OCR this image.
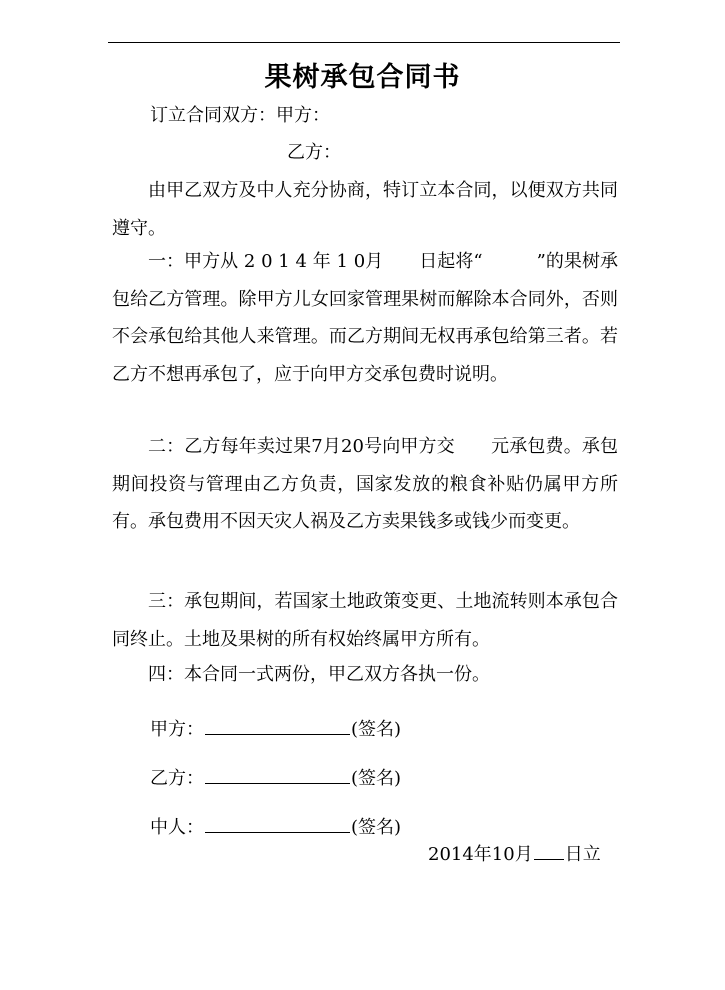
果树承包合同书
订立合同双方：甲方：
乙方：
由甲乙双方及中人充分协商，特订立本合同，以便双方共同遵守。
一：甲方从 2 0 1 4 年 1 0月　　日起将“　　　”的果树承包给乙方管理。除甲方儿女回家管理果树而解除本合同外，否则不会承包给其他人来管理。而乙方期间无权再承包给第三者。若乙方不想再承包了，应于向甲方交承包费时说明。
二：乙方每年卖过果7月20号向甲方交　　元承包费。承包期间投资与管理由乙方负责，国家发放的粮食补贴仍属甲方所有。承包费用不因天灾人祸及乙方卖果钱多或钱少而变更。
三：承包期间，若国家土地政策变更、土地流转则本承包合同终止。土地及果树的所有权始终属甲方所有。
四：本合同一式两份，甲乙双方各执一份。
甲方：	(签名)
乙方：	(签名)
中人：	(签名)
2014年10月 日立
